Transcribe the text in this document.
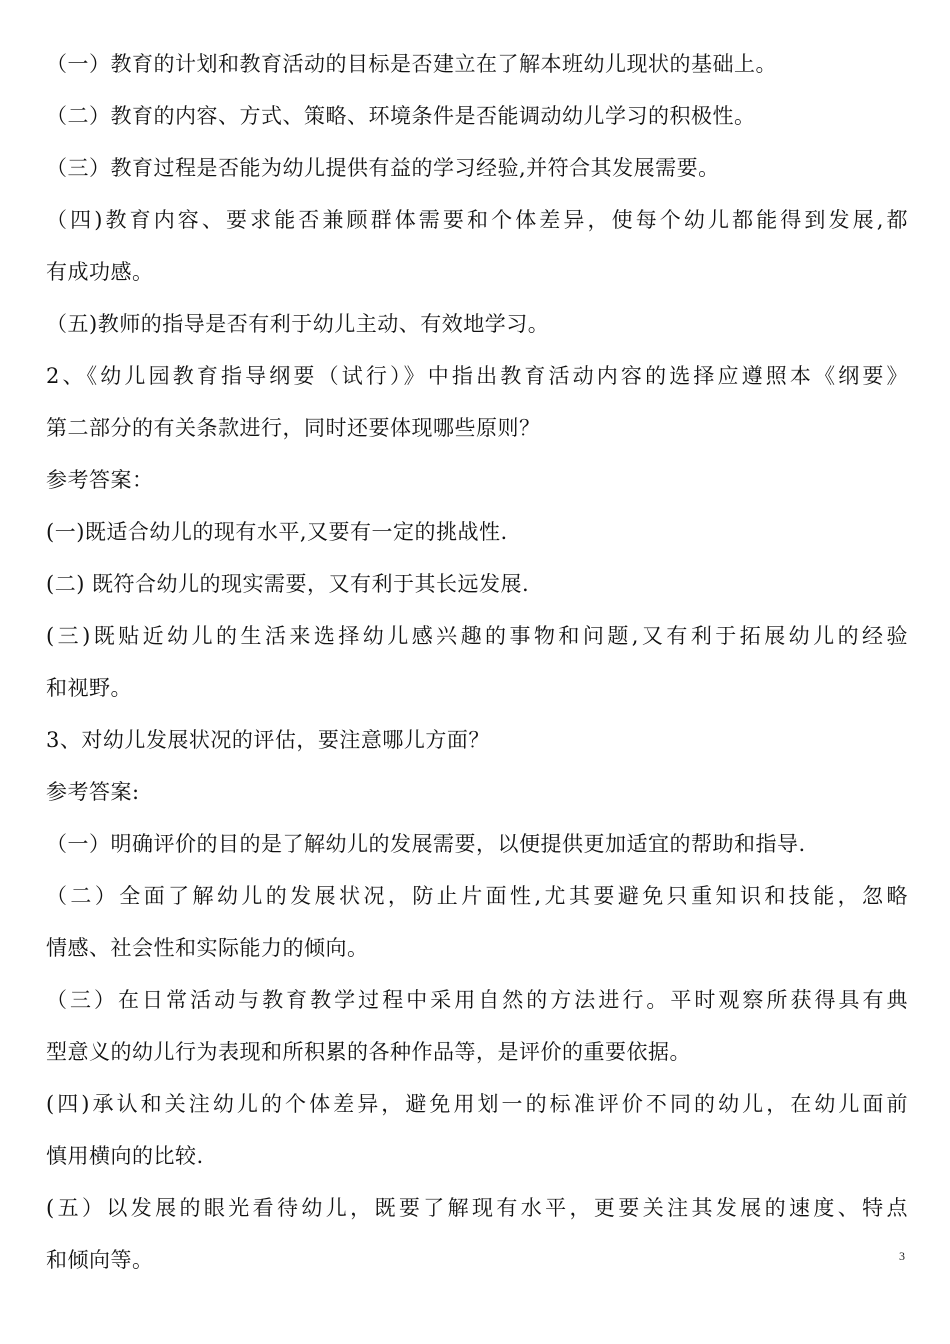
（一）教育的计划和教育活动的目标是否建立在了解本班幼儿现状的基础上。
（二）教育的内容、方式、策略、环境条件是否能调动幼儿学习的积极性。
（三）教育过程是否能为幼儿提供有益的学习经验,并符合其发展需要。
（四)教育内容、要求能否兼顾群体需要和个体差异，使每个幼儿都能得到发展,都
有成功感。
（五)教师的指导是否有利于幼儿主动、有效地学习。
2、《幼儿园教育指导纲要（试行）》中指出教育活动内容的选择应遵照本《纲要》
第二部分的有关条款进行，同时还要体现哪些原则？
参考答案：
(一)既适合幼儿的现有水平,又要有一定的挑战性.
(二) 既符合幼儿的现实需要，又有利于其长远发展.
(三)既贴近幼儿的生活来选择幼儿感兴趣的事物和问题,又有利于拓展幼儿的经验
和视野。
3、对幼儿发展状况的评估，要注意哪儿方面？
参考答案:
（一）明确评价的目的是了解幼儿的发展需要，以便提供更加适宜的帮助和指导.
（二）全面了解幼儿的发展状况，防止片面性,尤其要避免只重知识和技能，忽略
情感、社会性和实际能力的倾向。
（三）在日常活动与教育教学过程中采用自然的方法进行。平时观察所获得具有典
型意义的幼儿行为表现和所积累的各种作品等，是评价的重要依据。
(四)承认和关注幼儿的个体差异，避免用划一的标准评价不同的幼儿，在幼儿面前
慎用横向的比较.
(五）以发展的眼光看待幼儿，既要了解现有水平，更要关注其发展的速度、特点
和倾向等。	3
